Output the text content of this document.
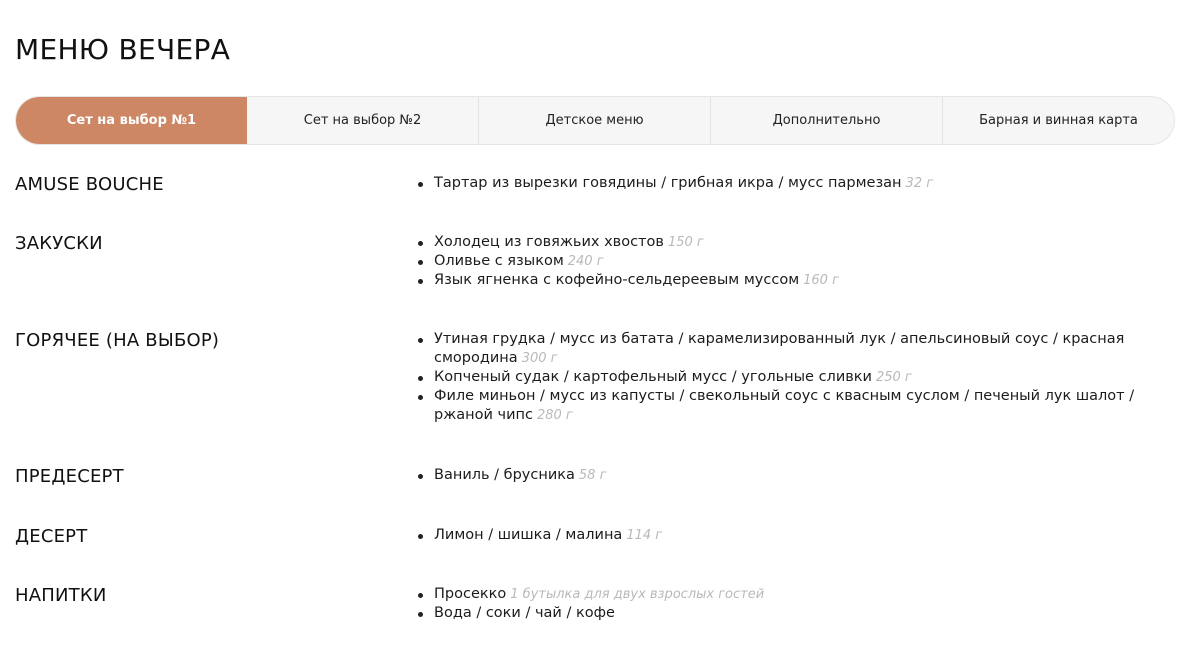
МЕНЮ ВЕЧЕРА
Сет на выбор №1	Сет на выбор №2	Детское меню	Дополнительно	Барная и винная карта
AMUSE BOUCHE	Тартар из вырезки говядины / грибная икра / мусс пармезан 32 г
ЗАКУСКИ	Холодец из говяжьих хвостов 150 г
Оливье с языком 240 г
Язык ягненка с кофейно-сельдереевым муссом 160 г
ГОРЯЧЕЕ (НА ВЫБОР)	Утиная грудка / мусс из батата / карамелизированный лук / апельсиновый соус / красная смородина 300 г
Копченый судак / картофельный мусс / угольные сливки 250 г
Филе миньон / мусс из капусты / свекольный соус с квасным суслом / печеный лук шалот / ржаной чипс 280 г
ПРЕДЕСЕРТ	Ваниль / брусника 58 г
ДЕСЕРТ	Лимон / шишка / малина 114 г
НАПИТКИ	Просекко 1 бутылка для двух взрослых гостей
Вода / соки / чай / кофе
